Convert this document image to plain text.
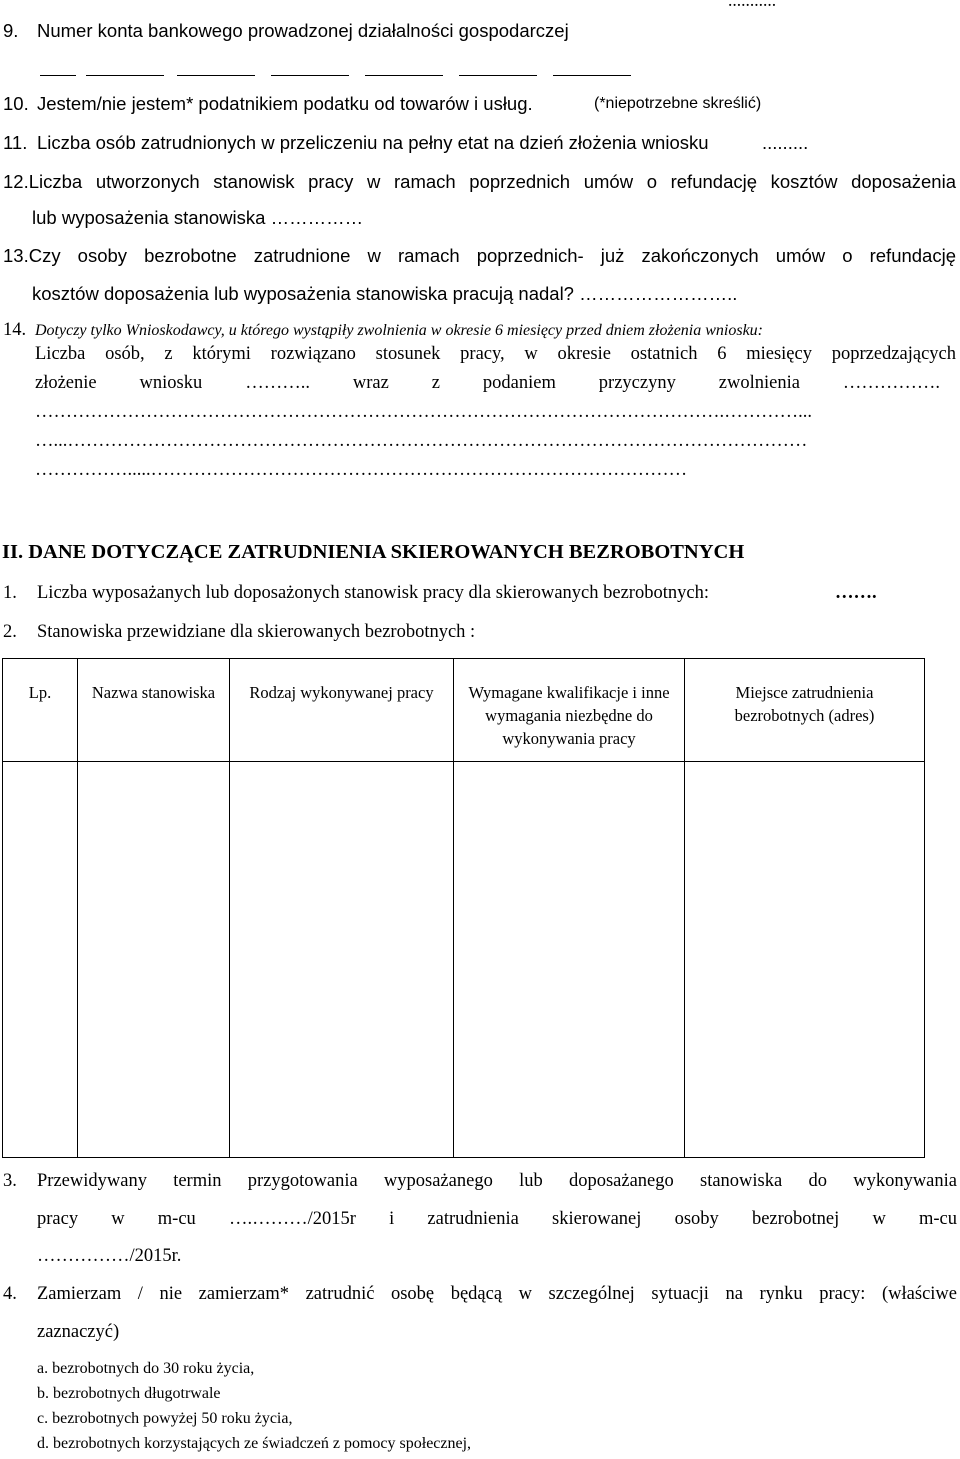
...........
9. Numer konta bankowego prowadzonej działalności gospodarczej
10. Jestem/nie jestem* podatnikiem podatku od towarów i usług.	(*niepotrzebne skreślić)
11. Liczba osób zatrudnionych w przeliczeniu na pełny etat na dzień złożenia wniosku	.........
12.Liczba utworzonych stanowisk pracy w ramach poprzednich umów o refundację kosztów doposażenia
lub wyposażenia stanowiska ……………
13.Czy osoby bezrobotne zatrudnione w ramach poprzednich- już zakończonych umów o refundację
kosztów doposażenia lub wyposażenia stanowiska pracują nadal? ……………………..
14. Dotyczy tylko Wnioskodawcy, u którego wystąpiły zwolnienia w okresie 6 miesięcy przed dniem złożenia wniosku:
Liczba osób, z którymi rozwiązano stosunek pracy, w okresie ostatnich 6 miesięcy poprzedzających
złożenie wniosku ……….. wraz z podaniem przyczyny zwolnienia …………….
………………………………………………………………………………………………….…………...
…...…………………………………………………………………………………………………………
…………….....……………………………………………………………………………
II. DANE DOTYCZĄCE ZATRUDNIENIA SKIEROWANYCH BEZROBOTNYCH
1. Liczba wyposażanych lub doposażonych stanowisk pracy dla skierowanych bezrobotnych:	…….
2. Stanowiska przewidziane dla skierowanych bezrobotnych :
Lp.	Nazwa stanowiska	Rodzaj wykonywanej pracy	Wymagane kwalifikacje i inne wymagania niezbędne do wykonywania pracy	Miejsce zatrudnienia bezrobotnych (adres)

3. Przewidywany termin przygotowania wyposażanego lub doposażanego stanowiska do wykonywania
pracy w m-cu ….………/2015r i zatrudnienia skierowanej osoby bezrobotnej w m-cu
……………/2015r.
4. Zamierzam / nie zamierzam* zatrudnić osobę będącą w szczególnej sytuacji na rynku pracy: (właściwe
zaznaczyć)
a. bezrobotnych do 30 roku życia,
b. bezrobotnych długotrwale
c. bezrobotnych powyżej 50 roku życia,
d. bezrobotnych korzystających ze świadczeń z pomocy społecznej,
